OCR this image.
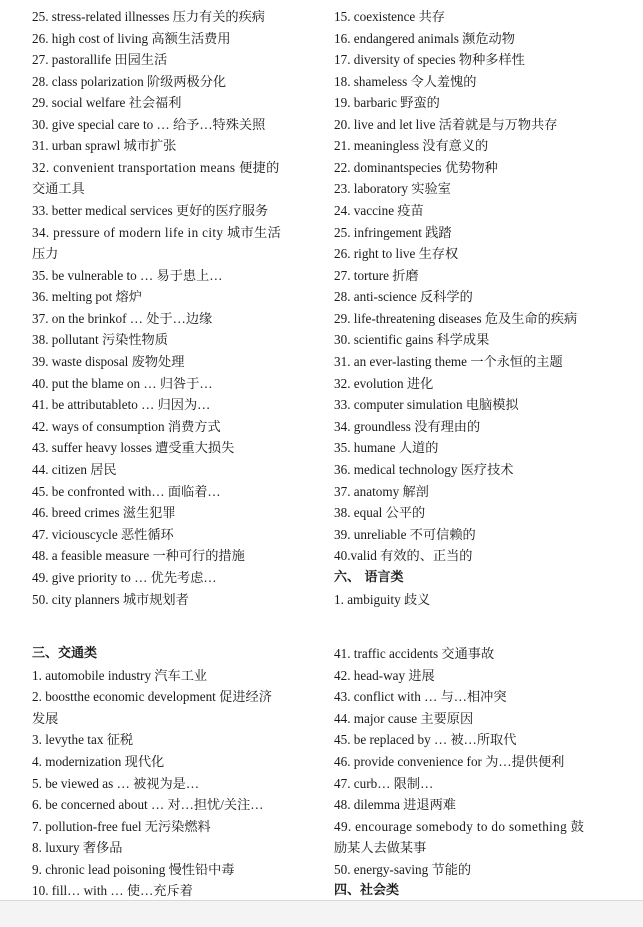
25. stress-related illnesses 压力有关的疾病
26. high cost of living 高额生活费用
27. pastorallife 田园生活
28. class polarization 阶级两极分化
29. social welfare 社会福利
30. give special care to … 给予…特殊关照
31. urban sprawl 城市扩张
32. convenient transportation means 便捷的
交通工具
33. better medical services 更好的医疗服务
34. pressure of modern life in city 城市生活
压力
35. be vulnerable to … 易于患上…
36. melting pot 熔炉
37. on the brinkof … 处于…边缘
38. pollutant 污染性物质
39. waste disposal 废物处理
40. put the blame on … 归咎于…
41. be attributableto … 归因为…
42. ways of consumption 消费方式
43. suffer heavy losses 遭受重大损失
44. citizen 居民
45. be confronted with… 面临着…
46. breed crimes 滋生犯罪
47. viciouscycle 恶性循环
48. a feasible measure 一种可行的措施
49. give priority to … 优先考虑…
50. city planners 城市规划者
三、交通类
1. automobile industry 汽车工业
2. boostthe economic development 促进经济
发展
3. levythe tax 征税
4. modernization 现代化
5. be viewed as … 被视为是…
6. be concerned about … 对…担忧/关注…
7. pollution-free fuel 无污染燃料
8. luxury 奢侈品
9. chronic lead poisoning 慢性铅中毒
10. fill… with … 使…充斥着
15. coexistence 共存
16. endangered animals 濒危动物
17. diversity of species 物种多样性
18. shameless 令人羞愧的
19. barbaric 野蛮的
20. live and let live 活着就是与万物共存
21. meaningless 没有意义的
22. dominantspecies 优势物种
23. laboratory 实验室
24. vaccine 疫苗
25. infringement 践踏
26. right to live 生存权
27. torture 折磨
28. anti-science 反科学的
29. life-threatening diseases 危及生命的疾病
30. scientific gains 科学成果
31. an ever-lasting theme 一个永恒的主题
32. evolution 进化
33. computer simulation 电脑模拟
34. groundless 没有理由的
35. humane 人道的
36. medical technology 医疗技术
37. anatomy 解剖
38. equal 公平的
39. unreliable 不可信赖的
40.valid 有效的、正当的
六、 语言类
1. ambiguity 歧义
41. traffic accidents 交通事故
42. head-way 进展
43. conflict with … 与…相冲突
44. major cause 主要原因
45. be replaced by … 被…所取代
46. provide convenience for 为…提供便利
47. curb… 限制…
48. dilemma 进退两难
49. encourage somebody to do something 鼓
励某人去做某事
50. energy-saving 节能的
四、社会类
